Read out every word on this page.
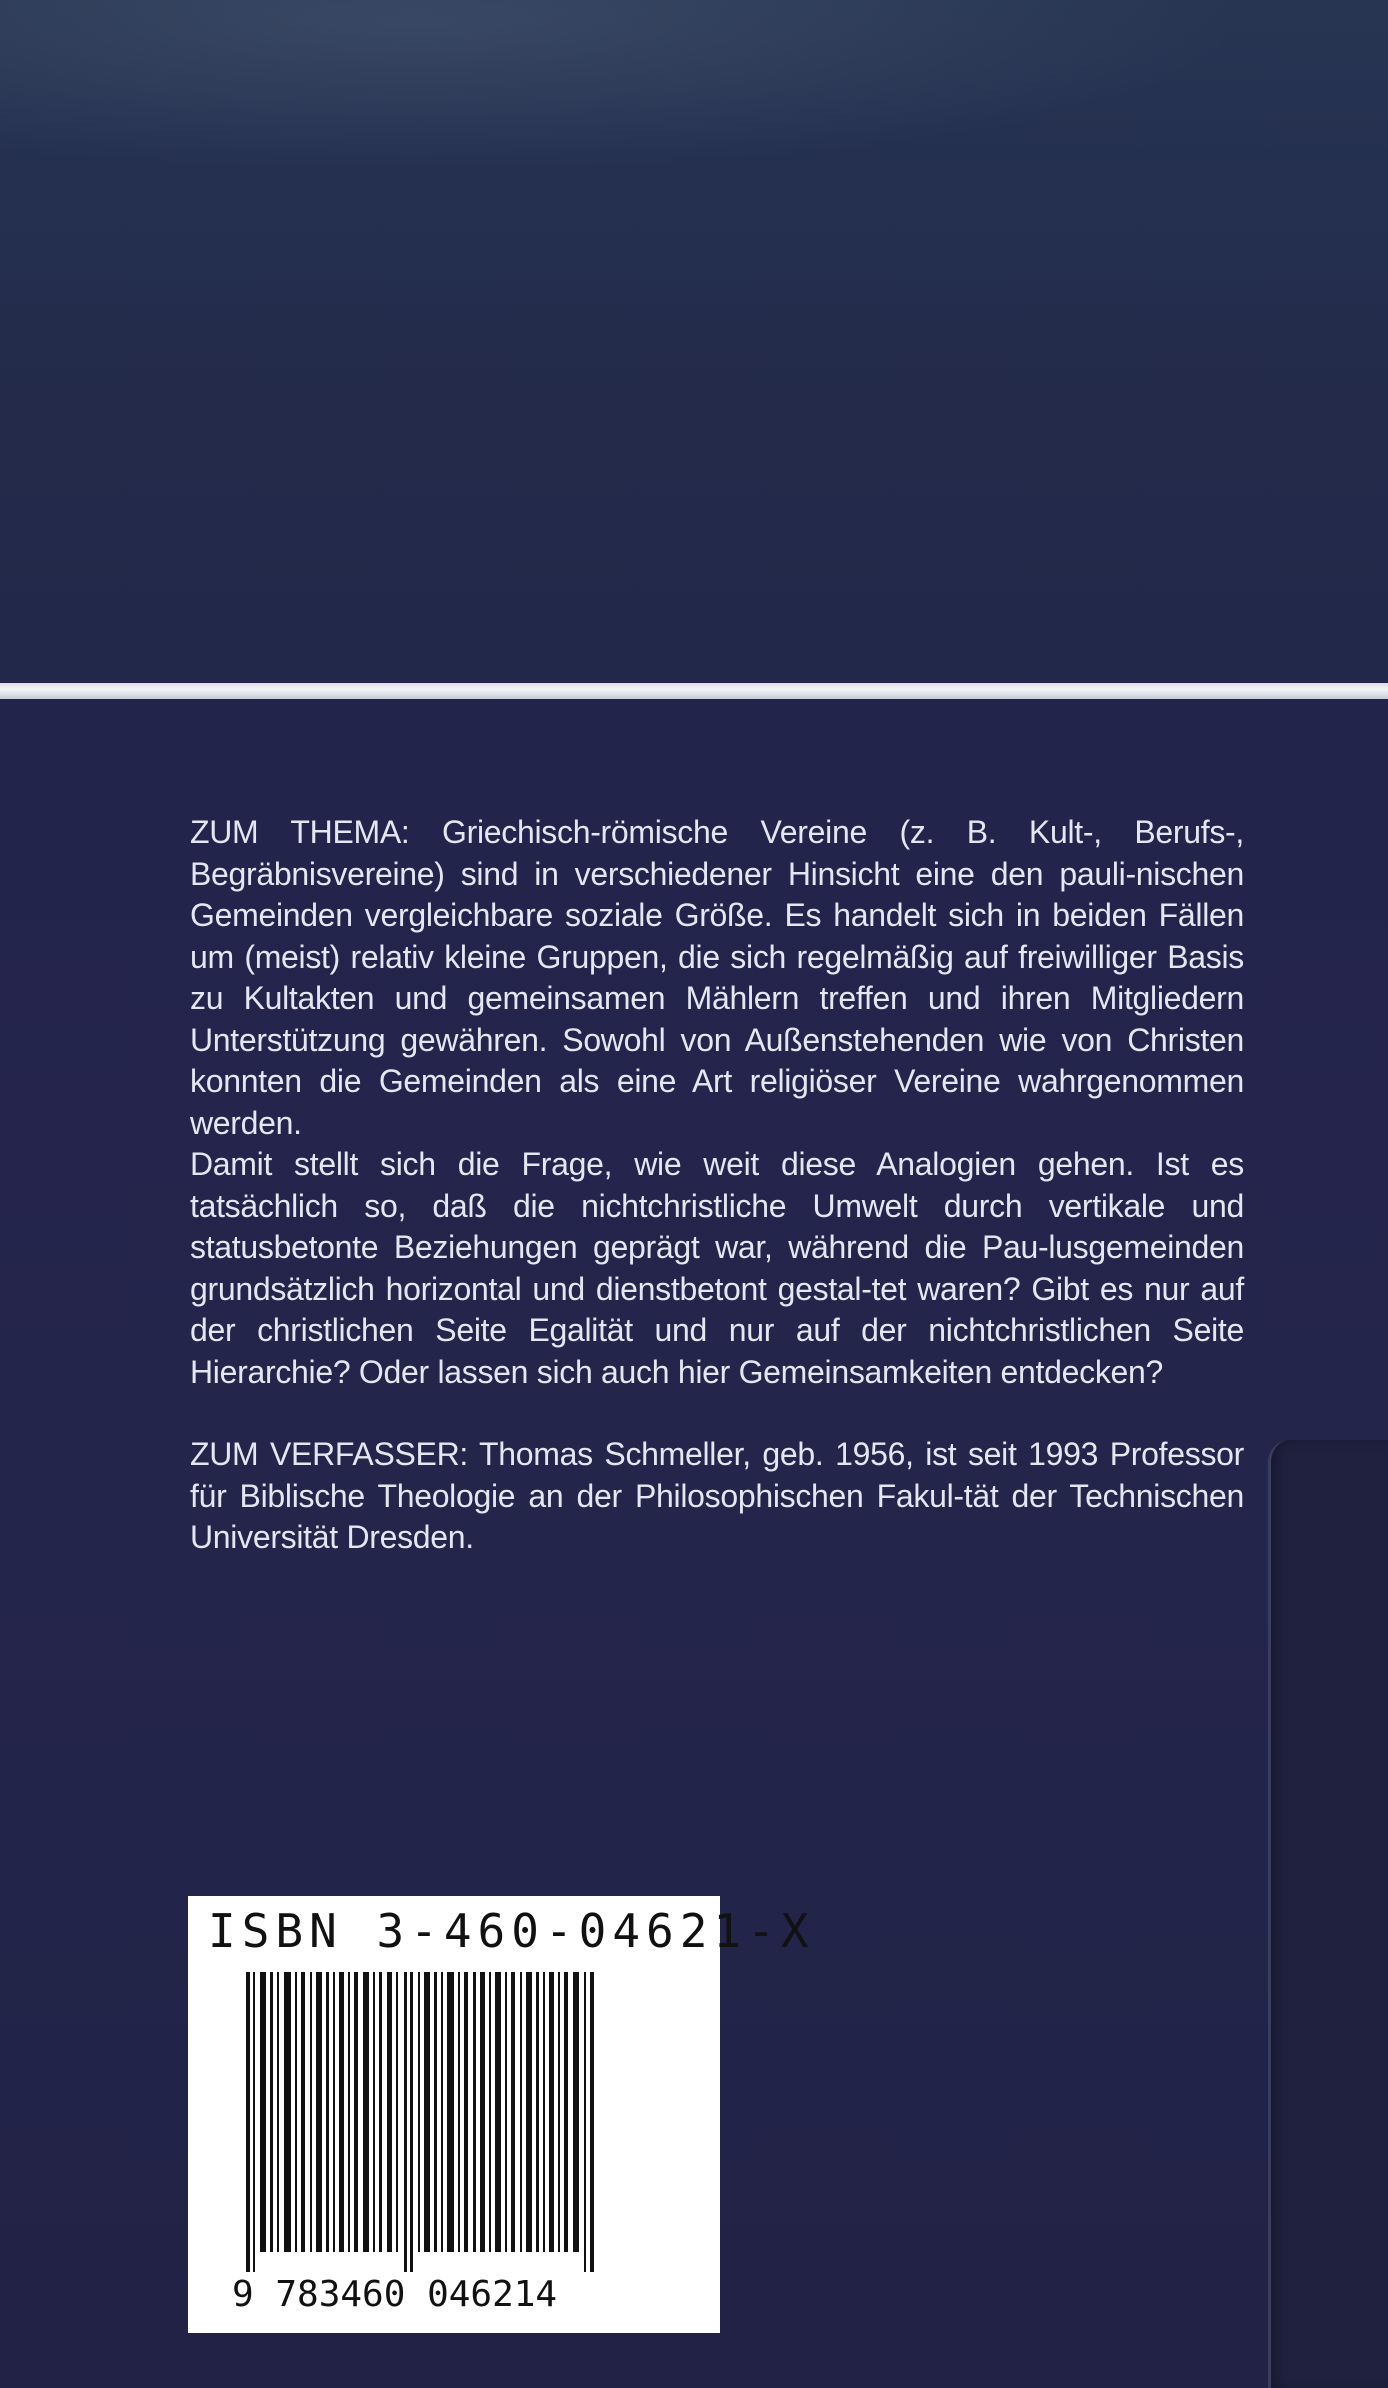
ZUM THEMA: Griechisch-römische Vereine (z. B. Kult-, Berufs-, Begräbnisvereine) sind in verschiedener Hinsicht eine den pauli-nischen Gemeinden vergleichbare soziale Größe. Es handelt sich in beiden Fällen um (meist) relativ kleine Gruppen, die sich regelmäßig auf freiwilliger Basis zu Kultakten und gemeinsamen Mählern treffen und ihren Mitgliedern Unterstützung gewähren. Sowohl von Außenstehenden wie von Christen konnten die Gemeinden als eine Art religiöser Vereine wahrgenommen werden.

Damit stellt sich die Frage, wie weit diese Analogien gehen. Ist es tatsächlich so, daß die nichtchristliche Umwelt durch vertikale und statusbetonte Beziehungen geprägt war, während die Pau-lusgemeinden grundsätzlich horizontal und dienstbetont gestal-tet waren? Gibt es nur auf der christlichen Seite Egalität und nur auf der nichtchristlichen Seite Hierarchie? Oder lassen sich auch hier Gemeinsamkeiten entdecken?

ZUM VERFASSER: Thomas Schmeller, geb. 1956, ist seit 1993 Professor für Biblische Theologie an der Philosophischen Fakul-tät der Technischen Universität Dresden.

ISBN 3-460-04621-X
9 783460 046214
